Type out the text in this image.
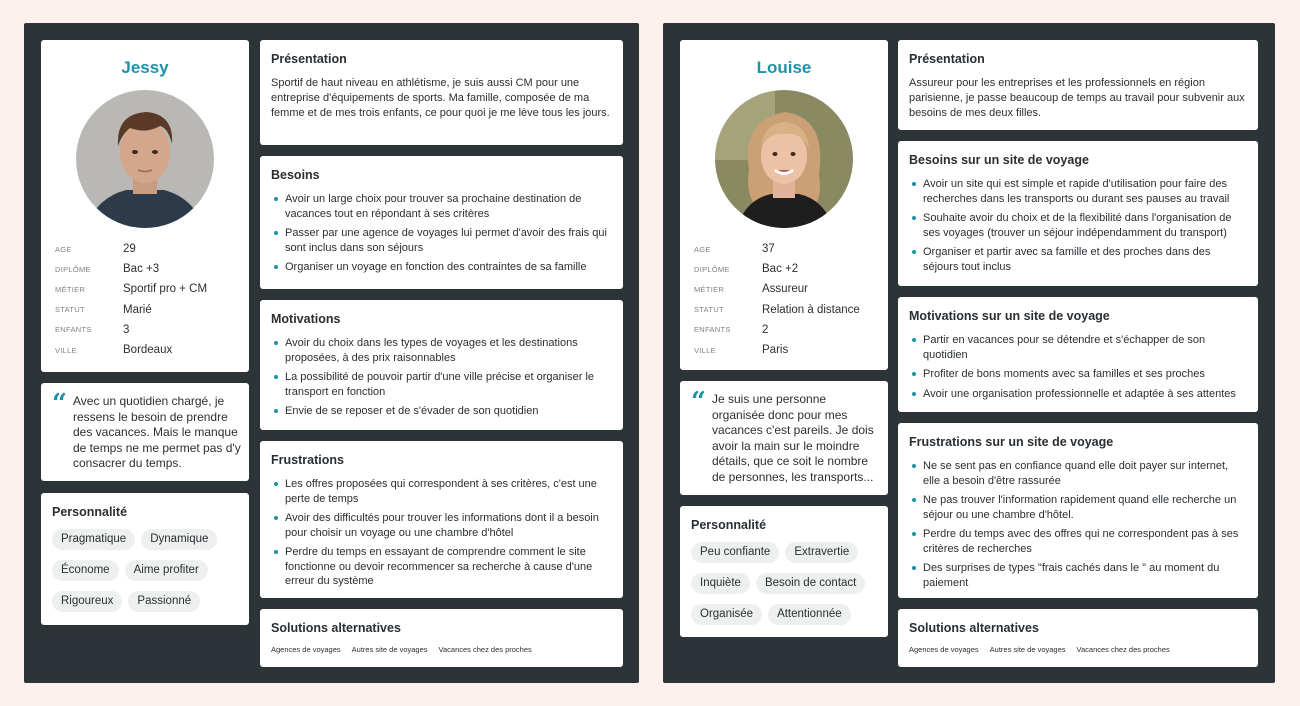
Jessy
AGE	29
DIPLÔME	Bac +3
MÉTIER	Sportif pro + CM
STATUT	Marié
ENFANTS	3
VILLE	Bordeaux
“ Avec un quotidien chargé, je ressens le besoin de prendre des vacances. Mais le manque de temps ne me permet pas d'y consacrer du temps.
Personnalité
Pragmatique	Dynamique
Économe	Aime profiter
Rigoureux	Passionné
Présentation
Sportif de haut niveau en athlétisme, je suis aussi CM pour une entreprise d'équipements de sports. Ma famille, composée de ma femme et de mes trois enfants, ce pour quoi je me lève tous les jours.
Besoins
Avoir un large choix pour trouver sa prochaine destination de vacances tout en répondant à ses critères
Passer par une agence de voyages lui permet d'avoir des frais qui sont inclus dans son séjours
Organiser un voyage en fonction des contraintes de sa famille
Motivations
Avoir du choix dans les types de voyages et les destinations proposées, à des prix raisonnables
La possibilité de pouvoir partir d'une ville précise et organiser le transport en fonction
Envie de se reposer et de s'évader de son quotidien
Frustrations
Les offres proposées qui correspondent à ses critères, c'est une perte de temps
Avoir des difficultés pour trouver les informations dont il a besoin pour choisir un voyage ou une chambre d'hôtel
Perdre du temps en essayant de comprendre comment le site fonctionne ou devoir recommencer sa recherche à cause d'une erreur du système
Solutions alternatives
Agences de voyages Autres site de voyages Vacances chez des proches
Louise
AGE	37
DIPLÔME	Bac +2
MÉTIER	Assureur
STATUT	Relation à distance
ENFANTS	2
VILLE	Paris
“ Je suis une personne organisée donc pour mes vacances c'est pareils. Je dois avoir la main sur le moindre détails, que ce soit le nombre de personnes, les transports...
Personnalité
Peu confiante	Extravertie
Inquiète	Besoin de contact
Organisée	Attentionnée
Présentation
Assureur pour les entreprises et les professionnels en région parisienne, je passe beaucoup de temps au travail pour subvenir aux besoins de mes deux filles.
Besoins sur un site de voyage
Avoir un site qui est simple et rapide d'utilisation pour faire des recherches dans les transports ou durant ses pauses au travail
Souhaite avoir du choix et de la flexibilité dans l'organisation de ses voyages (trouver un séjour indépendamment du transport)
Organiser et partir avec sa famille et des proches dans des séjours tout inclus
Motivations sur un site de voyage
Partir en vacances pour se détendre et s'échapper de son quotidien
Profiter de bons moments avec sa familles et ses proches
Avoir une organisation professionnelle et adaptée à ses attentes
Frustrations sur un site de voyage
Ne se sent pas en confiance quand elle doit payer sur internet, elle a besoin d'être rassurée
Ne pas trouver l'information rapidement quand elle recherche un séjour ou une chambre d'hôtel.
Perdre du temps avec des offres qui ne correspondent pas à ses critères de recherches
Des surprises de types "frais cachés dans le " au moment du paiement
Solutions alternatives
Agences de voyages Autres site de voyages Vacances chez des proches
